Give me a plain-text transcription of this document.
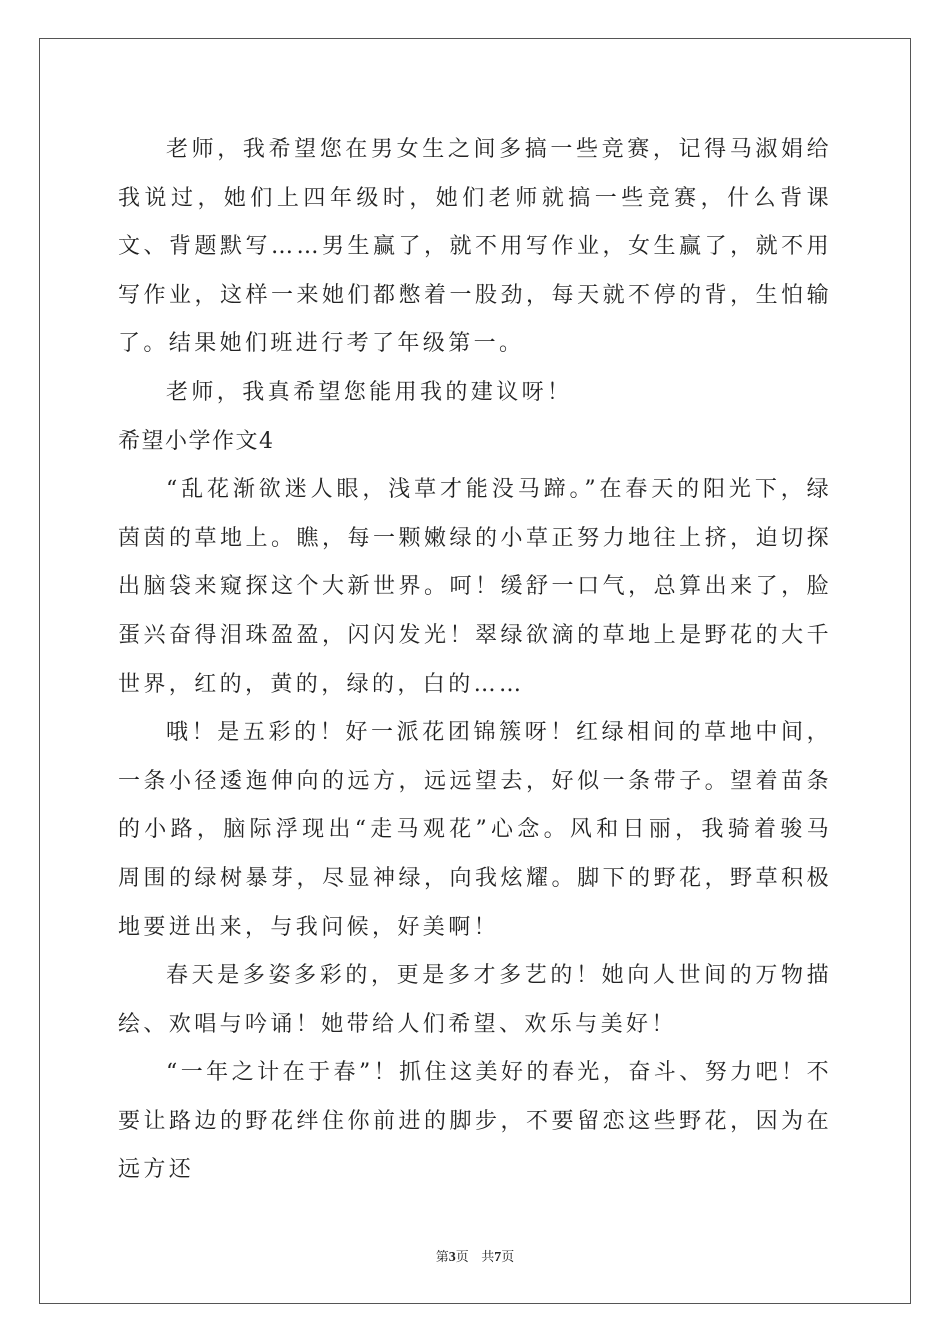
老师，我希望您在男女生之间多搞一些竞赛，记得马淑娟给我说过，她们上四年级时，她们老师就搞一些竞赛，什么背课文、背题默写……男生赢了，就不用写作业，女生赢了，就不用写作业，这样一来她们都憋着一股劲，每天就不停的背，生怕输了。结果她们班进行考了年级第一。

老师，我真希望您能用我的建议呀！

希望小学作文4

“乱花渐欲迷人眼，浅草才能没马蹄。”在春天的阳光下，绿茵茵的草地上。瞧，每一颗嫩绿的小草正努力地往上挤，迫切探出脑袋来窥探这个大新世界。呵！缓舒一口气，总算出来了，脸蛋兴奋得泪珠盈盈，闪闪发光！翠绿欲滴的草地上是野花的大千世界，红的，黄的，绿的，白的……

哦！是五彩的！好一派花团锦簇呀！红绿相间的草地中间，一条小径逶迤伸向的远方，远远望去，好似一条带子。望着苗条的小路，脑际浮现出“走马观花”心念。风和日丽，我骑着骏马周围的绿树暴芽，尽显神绿，向我炫耀。脚下的野花，野草积极地要迸出来，与我问候，好美啊！

春天是多姿多彩的，更是多才多艺的！她向人世间的万物描绘、欢唱与吟诵！她带给人们希望、欢乐与美好！

“一年之计在于春”！抓住这美好的春光，奋斗、努力吧！不要让路边的野花绊住你前进的脚步，不要留恋这些野花，因为在远方还

第3页   共7页
